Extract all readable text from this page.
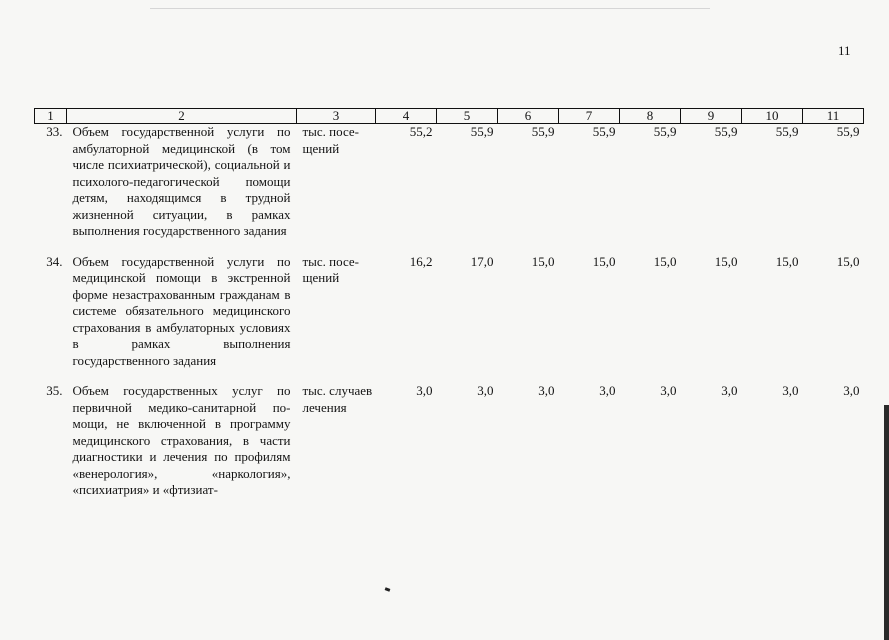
11
1	2	3	4	5	6	7	8	9	10	11
33.	Объем государственной услуги по амбулаторной медицинской (в том числе психиатрической), социальной и психолого-педагогической помощи детям, находящимся в трудной жизненной ситуации, в рамках выполнения государственного задания	тыс. посещений	55,2	55,9	55,9	55,9	55,9	55,9	55,9	55,9
34.	Объем государственной услуги по медицинской помощи в экстренной форме незастрахованным гражданам в системе обязательного медицинского страхования в амбулаторных условиях в рамках выполнения государственного задания	тыс. посещений	16,2	17,0	15,0	15,0	15,0	15,0	15,0	15,0
35.	Объем государственных услуг по первичной медико-санитарной помощи, не включенной в программу медицинского страхования, в части диагностики и лечения по профилям «венерология», «наркология», «психиатрия» и «фтизиат-	тыс. случаев лечения	3,0	3,0	3,0	3,0	3,0	3,0	3,0	3,0
